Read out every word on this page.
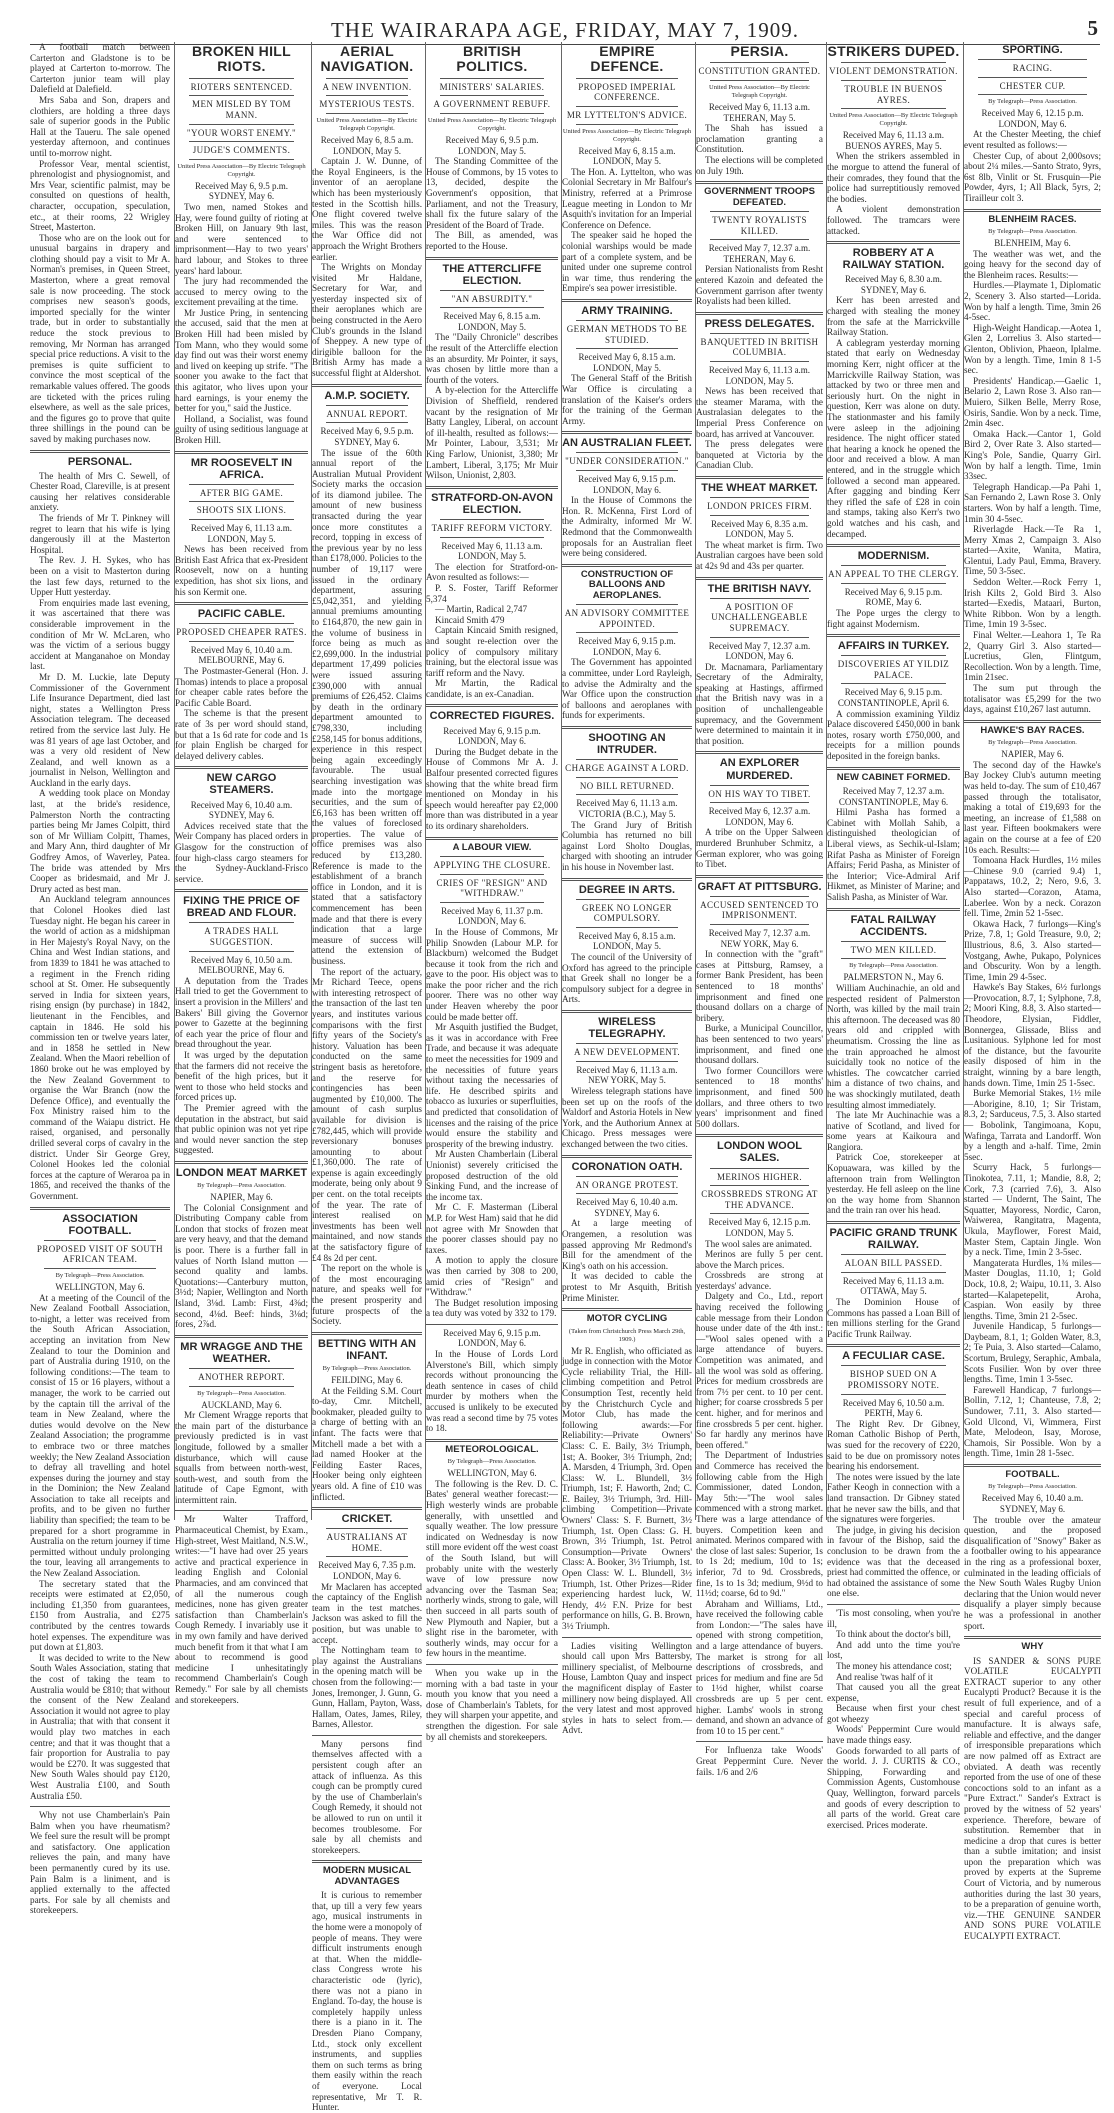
THE WAIRARAPA AGE, FRIDAY, MAY 7, 1909.	5

A football match between Carterton and Gladstone is to be played at Carterton to-morrow. The Carterton junior team will play Dalefield at Dalefield.

Mrs Saba and Son, drapers and clothiers, are holding a three days sale of superior goods in the Public Hall at the Taueru. The sale opened yesterday afternoon, and continues until to-morrow night.

Professor Vear, mental scientist, phrenologist and physiognomist, and Mrs Vear, scientific palmist, may be consulted on questions of health, character, occupation, speculation, etc., at their rooms, 22 Wrigley Street, Masterton.

Those who are on the look out for unusual bargains in drapery and clothing should pay a visit to Mr A. Norman's premises, in Queen Street, Masterton, where a great removal sale is now proceeding. The stock comprises new season's goods, imported specially for the winter trade, but in order to substantially reduce the stock previous to removing, Mr Norman has arranged special price reductions. A visit to the premises is quite sufficient to convince the most sceptical of the remarkable values offered. The goods are ticketed with the prices ruling elsewhere, as well as the sale prices, and the figures go to prove that quite three shillings in the pound can be saved by making purchases now.

PERSONAL.

The health of Mrs C. Sewell, of Chester Road, Clareville, is at present causing her relatives considerable anxiety.

The friends of Mr T. Pinkney will regret to learn that his wife is lying dangerously ill at the Masterton Hospital.

The Rev. J. H. Sykes, who has been on a visit to Masterton during the last few days, returned to the Upper Hutt yesterday.

From enquiries made last evening, it was ascertained that there was considerable improvement in the condition of Mr W. McLaren, who was the victim of a serious buggy accident at Manganahoe on Monday last.

Mr D. M. Luckie, late Deputy Commissioner of the Government Life Insurance Department, died last night, states a Wellington Press Association telegram. The deceased retired from the service last July. He was 81 years of age last October, and was a very old resident of New Zealand, and well known as a journalist in Nelson, Wellington and Auckland in the early days.

A wedding took place on Monday last, at the bride's residence, Palmerston North the contracting parties being Mr James Colpitt, third son of Mr William Colpitt, Thames, and Mary Ann, third daughter of Mr Godfrey Amos, of Waverley, Patea. The bride was attended by Mrs Cooper as bridesmaid, and Mr J. Drury acted as best man.

An Auckland telegram announces that Colonel Hookes died last Tuesday night. He began his career in the world of action as a midshipman in Her Majesty's Royal Navy, on the China and West Indian stations, and from 1839 to 1841 he was attached to a regiment in the French riding school at St. Omer. He subsequently served in India for sixteen years, rising ensign (by purchase) in 1842, lieutenant in the Fencibles, and captain in 1846. He sold his commission ten or twelve years later, and in 1858 he settled in New Zealand. When the Maori rebellion of 1860 broke out he was employed by the New Zealand Government to organise the War Branch (now the Defence Office), and eventually the Fox Ministry raised him to the command of the Waiapu district. He raised, organised, and personally drilled several corps of cavalry in the district. Under Sir George Grey, Colonel Hookes led the colonial forces at the capture of Weraroa pa in 1865, and received the thanks of the Government.

ASSOCIATION FOOTBALL.
PROPOSED VISIT OF SOUTH AFRICAN TEAM.
By Telegraph—Press Association.
WELLINGTON, May 6.

At a meeting of the Council of the New Zealand Football Association, to-night, a letter was received from the South African Association, accepting an invitation from New Zealand to tour the Dominion and part of Australia during 1910, on the following conditions:—The team to consist of 15 or 16 players, without a manager, the work to be carried out by the captain till the arrival of the team in New Zealand, where the duties would devolve on the New Zealand Association; the programme to embrace two or three matches weekly; the New Zealand Association to defray all travelling and hotel expenses during the journey and stay in the Dominion; the New Zealand Association to take all receipts and profits, and to be given no further liability than specified; the team to be prepared for a short programme in Australia on the return journey if time permitted without unduly prolonging the tour, leaving all arrangements to the New Zealand Association.

The secretary stated that the receipts were estimated at £2,050, including £1,350 from guarantees, £150 from Australia, and £275 contributed by the centres towards hotel expenses. The expenditure was put down at £1,803.

It was decided to write to the New South Wales Association, stating that the cost of taking the team to Australia would be £810; that without the consent of the New Zealand Association it would not agree to play in Australia; that with that consent it would play two matches in each centre; and that it was thought that a fair proportion for Australia to pay would be £270. It was suggested that New South Wales should pay £120, West Australia £100, and South Australia £50.

Why not use Chamberlain's Pain Balm when you have rheumatism? We feel sure the result will be prompt and satisfactory. One application relieves the pain, and many have been permanently cured by its use. Pain Balm is a liniment, and is applied externally to the affected parts. For sale by all chemists and storekeepers.

BROKEN HILL RIOTS.
RIOTERS SENTENCED.
MEN MISLED BY TOM MANN.
"YOUR WORST ENEMY."
JUDGE'S COMMENTS.
United Press Association—By Electric Telegraph Copyright.
Received May 6, 9.5 p.m.
SYDNEY, May 6.

Two men, named Stokes and Hay, were found guilty of rioting at Broken Hill, on January 9th last, and were sentenced to imprisonment—Hay to two years' hard labour, and Stokes to three years' hard labour.

The jury had recommended the accused to mercy owing to the excitement prevailing at the time.

Mr Justice Pring, in sentencing the accused, said that the men at Broken Hill had been misled by Tom Mann, who they would some day find out was their worst enemy and lived on keeping up strife. "The sooner you awake to the fact that this agitator, who lives upon your hard earnings, is your enemy the better for you," said the Justice.

Holland, a Socialist, was found guilty of using seditious language at Broken Hill.

MR ROOSEVELT IN AFRICA.
AFTER BIG GAME.
SHOOTS SIX LIONS.
Received May 6, 11.13 a.m.
LONDON, May 5.

News has been received from British East Africa that ex-President Roosevelt, now on a hunting expedition, has shot six lions, and his son Kermit one.

PACIFIC CABLE.
PROPOSED CHEAPER RATES.
Received May 6, 10.40 a.m.
MELBOURNE, May 6.

The Postmaster-General (Hon. J. Thomas) intends to place a proposal for cheaper cable rates before the Pacific Cable Board.

The scheme is that the present rate of 3s per word should stand, but that a 1s 6d rate for code and 1s for plain English be charged for delayed delivery cables.

NEW CARGO STEAMERS.
Received May 6, 10.40 a.m.
SYDNEY, May 6.

Advices received state that the Weir Company has placed orders in Glasgow for the construction of four high-class cargo steamers for the Sydney-Auckland-Frisco service.

FIXING THE PRICE OF BREAD AND FLOUR.
A TRADES HALL SUGGESTION.
Received May 6, 10.50 a.m.
MELBOURNE, May 6.

A deputation from the Trades Hall tried to get the Government to insert a provision in the Millers' and Bakers' Bill giving the Governor power to Gazette at the beginning of each year the price of flour and bread throughout the year.

It was urged by the deputation that the farmers did not receive the benefit of the high prices, but it went to those who held stocks and forced prices up.

The Premier agreed with the deputation in the abstract, but said that public opinion was not yet ripe and would never sanction the step suggested.

LONDON MEAT MARKET
By Telegraph—Press Association.
NAPIER, May 6.

The Colonial Consignment and Distributing Company cable from London that stocks of frozen meat are very heavy, and that the demand is poor. There is a further fall in values of North Island mutton — second quality and lambs. Quotations:—Canterbury mutton, 3½d; Napier, Wellington and North Island, 3⅛d. Lamb: First, 4⅜d; second, 4⅛d. Beef: hinds, 3⅛d; fores, 2⅞d.

MR WRAGGE AND THE WEATHER.
ANOTHER REPORT.
By Telegraph—Press Association.
AUCKLAND, May 6.

Mr Clement Wragge reports that the main part of the disturbance previously predicted is in vast longitude, followed by a smaller disturbance, which will cause squalls from between north-west, south-west, and south from the latitude of Cape Egmont, with intermittent rain.

Mr Walter Trafford, Pharmaceutical Chemist, by Exam., High-street, West Maitland, N.S.W., writes:—"I have had over 25 years active and practical experience in leading English and Colonial Pharmacies, and am convinced that of all the numerous cough medicines, none has given greater satisfaction than Chamberlain's Cough Remedy. I invariably use it in my own family and have derived much benefit from it that what I am about to recommend is good medicine I unhesitatingly recommend Chamberlain's Cough Remedy." For sale by all chemists and storekeepers.

AERIAL NAVIGATION.
A NEW INVENTION.
MYSTERIOUS TESTS.
United Press Association—By Electric Telegraph Copyright.
Received May 6, 8.5 a.m.
LONDON, May 5.

Captain J. W. Dunne, of the Royal Engineers, is the inventor of an aeroplane which has been mysteriously tested in the Scottish hills. One flight covered twelve miles. This was the reason the War Office did not approach the Wright Brothers earlier.

The Wrights on Monday visited Mr Haldane, Secretary for War, and yesterday inspected six of their aeroplanes which are being constructed in the Aero Club's grounds in the Island of Sheppey. A new type of dirigible balloon for the British Army has made a successful flight at Aldershot.

A.M.P. SOCIETY.
ANNUAL REPORT.
Received May 6, 9.5 p.m.
SYDNEY, May 6.

The issue of the 60th annual report of the Australian Mutual Provident Society marks the occasion of its diamond jubilee. The amount of new business transacted during the year once more constitutes a record, topping in excess of the previous year by no less than £178,000. Policies to the number of 19,117 were issued in the ordinary department, assuring £5,042,351, and yielding annual premiums amounting to £164,870, the new gain in the volume of business in force being as much as £2,699,000. In the industrial department 17,499 policies were issued assuring £390,000 with annual premiums of £26,452. Claims by death in the ordinary department amounted to £798,330, including £258,145 for bonus additions, experience in this respect being again exceedingly favourable. The usual searching investigation was made into the mortgage securities, and the sum of £6,163 has been written off the values of foreclosed properties. The value of office premises was also reduced by £13,280. Reference is made to the establishment of a branch office in London, and it is stated that a satisfactory commencement has been made and that there is every indication that a large measure of success will attend the extension of business.

The report of the actuary, Mr Richard Teece, opens with interesting retrospect of the transaction of the last ten years, and institutes various comparisons with the first fifty years of the Society's history. Valuation has been conducted on the same stringent basis as heretofore, and the reserve for contingencies has been augmented by £10,000. The amount of cash surplus available for division is £782,445, which will provide reversionary bonuses amounting to about £1,360,000. The rate of expense is again exceedingly moderate, being only about 9 per cent. on the total receipts of the year. The rate of interest realised on investments has been well maintained, and now stands at the satisfactory figure of £4 8s 2d per cent.

The report on the whole is of the most encouraging nature, and speaks well for the present prosperity and future prospects of the Society.

BETTING WITH AN INFANT.
By Telegraph—Press Association.
FEILDING, May 6.

At the Feilding S.M. Court to-day, Cmr. Mitchell, bookmaker, pleaded guilty to a charge of betting with an infant. The facts were that Mitchell made a bet with a lad named Hooker at the Feilding Easter Races, Hooker being only eighteen years old. A fine of £10 was inflicted.

CRICKET.
AUSTRALIANS AT HOME.
Received May 6, 7.35 p.m.
LONDON, May 6.

Mr Maclaren has accepted the captaincy of the English team in the test matches. Jackson was asked to fill the position, but was unable to accept.

The Nottingham team to play against the Australians in the opening match will be chosen from the following:—Jones, Iremonger, J. Gunn, G. Gunn, Hallam, Payton, Wass, Hallam, Oates, James, Riley, Barnes, Allestor.

Many persons find themselves affected with a persistent cough after an attack of influenza. As this cough can be promptly cured by the use of Chamberlain's Cough Remedy, it should not be allowed to run on until it becomes troublesome. For sale by all chemists and storekeepers.

MODERN MUSICAL ADVANTAGES

It is curious to remember that, up till a very few years ago, musical instruments in the home were a monopoly of people of means. They were difficult instruments enough at that. When the middle-class Congress wrote his characteristic ode (lyric), there was not a piano in England. To-day, the house is completely happily unless there is a piano in it. The Dresden Piano Company, Ltd., stock only excellent instruments, and supplies them on such terms as bring them easily within the reach of everyone. Local representative, Mr T. R. Hunter.

BRITISH POLITICS.
MINISTERS' SALARIES.
A GOVERNMENT REBUFF.
United Press Association—By Electric Telegraph Copyright.
Received May 6, 9.5 p.m.
LONDON, May 5.

The Standing Committee of the House of Commons, by 15 votes to 13, decided, despite the Government's opposition, that Parliament, and not the Treasury, shall fix the future salary of the President of the Board of Trade.

The Bill, as amended, was reported to the House.

THE ATTERCLIFFE ELECTION.
"AN ABSURDITY."
Received May 6, 8.15 a.m.
LONDON, May 5.

The "Daily Chronicle" describes the result of the Attercliffe election as an absurdity. Mr Pointer, it says, was chosen by little more than a fourth of the voters.

A by-election for the Attercliffe Division of Sheffield, rendered vacant by the resignation of Mr Batty Langley, Liberal, on account of ill-health, resulted as follows:—Mr Pointer, Labour, 3,531; Mr King Farlow, Unionist, 3,380; Mr Lambert, Liberal, 3,175; Mr Muir Wilson, Unionist, 2,803.

STRATFORD-ON-AVON ELECTION.
TARIFF REFORM VICTORY.
Received May 6, 11.13 a.m.
LONDON, May 5.

The election for Stratford-on-Avon resulted as follows:—

P. S. Foster, Tariff Reformer 5,374

— Martin, Radical 2,747

Kincaid Smith 479

Captain Kincaid Smith resigned, and sought re-election over the policy of compulsory military training, but the electoral issue was tariff reform and the Navy.

Mr Martin, the Radical candidate, is an ex-Canadian.

CORRECTED FIGURES.
Received May 6, 9.15 p.m.
LONDON, May 6.

During the Budget debate in the House of Commons Mr A. J. Balfour presented corrected figures showing that the white bread firm mentioned on Monday in his speech would hereafter pay £2,000 more than was distributed in a year to its ordinary shareholders.

A LABOUR VIEW.
APPLYING THE CLOSURE.
CRIES OF "RESIGN" AND "WITHDRAW."
Received May 6, 11.37 p.m.
LONDON, May 6.

In the House of Commons, Mr Philip Snowden (Labour M.P. for Blackburn) welcomed the Budget because it took from the rich and gave to the poor. His object was to make the poor richer and the rich poorer. There was no other way under Heaven whereby the poor could be made better off.

Mr Asquith justified the Budget, as it was in accordance with Free Trade, and because it was adequate to meet the necessities for 1909 and the necessities of future years without taxing the necessaries of life. He described spirits and tobacco as luxuries or superfluities, and predicted that consolidation of licenses and the raising of the price would ensure the stability and prosperity of the brewing industry.

Mr Austen Chamberlain (Liberal Unionist) severely criticised the proposed destruction of the old Sinking Fund, and the increase of the income tax.

Mr C. F. Masterman (Liberal M.P. for West Ham) said that he did not agree with Mr Snowden that the poorer classes should pay no taxes.

A motion to apply the closure was then carried by 308 to 200, amid cries of "Resign" and "Withdraw."

The Budget resolution imposing a tea duty was voted by 332 to 179.

Received May 6, 9.15 p.m.
LONDON, May 6.

In the House of Lords Lord Alverstone's Bill, which simply records without pronouncing the death sentence in cases of child murder by mothers when the accused is unlikely to be executed was read a second time by 75 votes to 18.

METEOROLOGICAL.
By Telegraph—Press Association.
WELLINGTON, May 6.

The following is the Rev. D. C. Bates' general weather forecast:—High westerly winds are probable generally, with unsettled and squally weather. The low pressure indicated on Wednesday is now still more evident off the west coast of the South Island, but will probably unite with the westerly wave of low pressure now advancing over the Tasman Sea; northerly winds, strong to gale, will then succeed in all parts south of New Plymouth and Napier, but a slight rise in the barometer, with southerly winds, may occur for a few hours in the meantime.

When you wake up in the morning with a bad taste in your mouth you know that you need a dose of Chamberlain's Tablets, for they will sharpen your appetite, and strengthen the digestion. For sale by all chemists and storekeepers.

EMPIRE DEFENCE.
PROPOSED IMPERIAL CONFERENCE.
MR LYTTELTON'S ADVICE.
United Press Association—By Electric Telegraph Copyright.
Received May 6, 8.15 a.m.
LONDON, May 5.

The Hon. A. Lyttelton, who was Colonial Secretary in Mr Balfour's Ministry, referred at a Primrose League meeting in London to Mr Asquith's invitation for an Imperial Conference on Defence.

The speaker said he hoped the colonial warships would be made part of a complete system, and be united under one supreme control in war time, thus rendering the Empire's sea power irresistible.

ARMY TRAINING.
GERMAN METHODS TO BE STUDIED.
Received May 6, 8.15 a.m.
LONDON, May 5.

The General Staff of the British War Office is circulating a translation of the Kaiser's orders for the training of the German Army.

AN AUSTRALIAN FLEET.
"UNDER CONSIDERATION."
Received May 6, 9.15 p.m.
LONDON, May 6.

In the House of Commons the Hon. R. McKenna, First Lord of the Admiralty, informed Mr W. Redmond that the Commonwealth proposals for an Australian fleet were being considered.

CONSTRUCTION OF BALLOONS AND AEROPLANES.
AN ADVISORY COMMITTEE APPOINTED.
Received May 6, 9.15 p.m.
LONDON, May 6.

The Government has appointed a committee, under Lord Rayleigh, to advise the Admiralty and the War Office upon the construction of balloons and aeroplanes with funds for experiments.

SHOOTING AN INTRUDER.
CHARGE AGAINST A LORD.
NO BILL RETURNED.
Received May 6, 11.13 a.m.
VICTORIA (B.C.), May 5.

The Grand Jury of British Columbia has returned no bill against Lord Sholto Douglas, charged with shooting an intruder in his house in November last.

DEGREE IN ARTS.
GREEK NO LONGER COMPULSORY.
Received May 6, 8.15 a.m.
LONDON, May 5.

The council of the University of Oxford has agreed to the principle that Greek shall no longer be a compulsory subject for a degree in Arts.

WIRELESS TELEGRAPHY.
A NEW DEVELOPMENT.
Received May 6, 11.13 a.m.
NEW YORK, May 5.

Wireless telegraph stations have been set up on the roofs of the Waldorf and Astoria Hotels in New York, and the Authorium Annex at Chicago. Press messages were exchanged between the two cities.

CORONATION OATH.
AN ORANGE PROTEST.
Received May 6, 10.40 a.m.
SYDNEY, May 6.

At a large meeting of Orangemen, a resolution was passed approving Mr Redmond's Bill for the amendment of the King's oath on his accession.

It was decided to cable the protest to Mr Asquith, British Prime Minister.

MOTOR CYCLING
(Taken from Christchurch Press March 29th, 1909.)

Mr R. English, who officiated as judge in connection with the Motor Cycle reliability Trial, the Hill-climbing competition and Petrol Consumption Test, recently held by the Christchurch Cycle and Motor Club, has made the following awards:—For Reliability:—Private Owners' Class: C. E. Baily, 3½ Triumph, 1st; A. Booker, 3½ Triumph, 2nd; A. Marsden, 4 Triumph, 3rd. Open Class: W. L. Blundell, 3½ Triumph, 1st; F. Haworth, 2nd; C. E. Bailey, 3½ Triumph, 3rd. Hill-climbing Competition—Private Owners' Class: S. F. Burnett, 3½ Triumph, 1st. Open Class: G. H. Brown, 3½ Triumph, 1st. Petrol Consumption—Private Owners' Class: A. Booker, 3½ Triumph, 1st. Open Class: W. L. Blundell, 3½ Triumph, 1st. Other Prizes—Rider experiencing hardest luck, W. Hendy, 4½ F.N. Prize for best performance on hills, G. B. Brown, 3½ Triumph.

Ladies visiting Wellington should call upon Mrs Battersby, millinery specialist, of Melbourne House, Lambton Quay and inspect the magnificent display of Easter millinery now being displayed. All the very latest and most approved styles in hats to select from.—Advt.

PERSIA.
CONSTITUTION GRANTED.
United Press Association—By Electric Telegraph Copyright.
Received May 6, 11.13 a.m.
TEHERAN, May 5.

The Shah has issued a proclamation granting a Constitution.

The elections will be completed on July 19th.

GOVERNMENT TROOPS DEFEATED.
TWENTY ROYALISTS KILLED.
Received May 7, 12.37 a.m.
TEHERAN, May 6.

Persian Nationalists from Resht entered Kazoin and defeated the Government garrison after twenty Royalists had been killed.

PRESS DELEGATES.
BANQUETTED IN BRITISH COLUMBIA.
Received May 6, 11.13 a.m.
LONDON, May 5.

News has been received that the steamer Marama, with the Australasian delegates to the Imperial Press Conference on board, has arrived at Vancouver.

The press delegates were banqueted at Victoria by the Canadian Club.

THE WHEAT MARKET.
LONDON PRICES FIRM.
Received May 6, 8.35 a.m.
LONDON, May 5.

The wheat market is firm. Two Australian cargoes have been sold at 42s 9d and 43s per quarter.

THE BRITISH NAVY.
A POSITION OF UNCHALLENGEABLE SUPREMACY.
Received May 7, 12.37 a.m.
LONDON, May 6.

Dr. Macnamara, Parliamentary Secretary of the Admiralty, speaking at Hastings, affirmed that the British navy was in a position of unchallengeable supremacy, and the Government were determined to maintain it in that position.

AN EXPLORER MURDERED.
ON HIS WAY TO TIBET.
Received May 6, 12.37 a.m.
LONDON, May 6.

A tribe on the Upper Salween murdered Brunhuber Schmitz, a German explorer, who was going to Tibet.

GRAFT AT PITTSBURG.
ACCUSED SENTENCED TO IMPRISONMENT.
Received May 7, 12.37 a.m.
NEW YORK, May 6.

In connection with the "graft" cases at Pittsburg, Ramsey, a former Bank President, has been sentenced to 18 months' imprisonment and fined one thousand dollars on a charge of bribery.

Burke, a Municipal Councillor, has been sentenced to two years' imprisonment, and fined one thousand dollars.

Two former Councillors were sentenced to 18 months' imprisonment, and fined 500 dollars, and three others to two years' imprisonment and fined 500 dollars.

LONDON WOOL SALES.
MERINOS HIGHER.
CROSSBREDS STRONG AT THE ADVANCE.
Received May 6, 12.15 p.m.
LONDON, May 5.

The wool sales are animated.

Merinos are fully 5 per cent. above the March prices.

Crossbreds are strong at yesterdays' advance.

Dalgety and Co., Ltd., report having received the following cable message from their London house under date of the 4th inst.:—"Wool sales opened with a large attendance of buyers. Competition was animated, and all the wool was sold as offering. Prices for medium crossbreds are from 7½ per cent. to 10 per cent. higher; for coarse crossbreds 5 per cent. higher, and for merinos and fine crossbreds 5 per cent. higher. So far hardly any merinos have been offered."

The Department of Industries and Commerce has received the following cable from the High Commissioner, dated London, May 5th:—"The wool sales commenced with a strong market. There was a large attendance of buyers. Competition keen and animated. Merinos compared with the close of last sales: Superior, 1s to 1s 2d; medium, 10d to 1s; inferior, 7d to 9d. Crossbreds, fine, 1s to 1s 3d; medium, 9½d to 11½d; coarse, 6d to 9d."

Abraham and Williams, Ltd., have received the following cable from London:—"The sales have opened with strong competition, and a large attendance of buyers. The market is strong for all descriptions of crossbreds, and prices for medium and fine are 5d to 1½d higher, whilst coarse crossbreds are up 5 per cent. higher. Lambs' wools in strong demand, and shown an advance of from 10 to 15 per cent."

For Influenza take Woods' Great Peppermint Cure. Never fails. 1/6 and 2/6

STRIKERS DUPED.
VIOLENT DEMONSTRATION.
TROUBLE IN BUENOS AYRES.
United Press Association—By Electric Telegraph Copyright.
Received May 6, 11.13 a.m.
BUENOS AYRES, May 5.

When the strikers assembled in the morgue to attend the funeral of their comrades, they found that the police had surreptitiously removed the bodies.

A violent demonstration followed. The tramcars were attacked.

ROBBERY AT A RAILWAY STATION.
Received May 6, 8.30 a.m.
SYDNEY, May 6.

Kerr has been arrested and charged with stealing the money from the safe at the Marrickville Railway Station.

A cablegram yesterday morning stated that early on Wednesday morning Kerr, night officer at the Marrickville Railway Station, was attacked by two or three men and seriously hurt. On the night in question, Kerr was alone on duty. The stationmaster and his family were asleep in the adjoining residence. The night officer stated that hearing a knock he opened the door and received a blow. A man entered, and in the struggle which followed a second man appeared. After gagging and binding Kerr they rifled the safe of £28 in coin and stamps, taking also Kerr's two gold watches and his cash, and decamped.

MODERNISM.
AN APPEAL TO THE CLERGY.
Received May 6, 9.15 p.m.
ROME, May 6.

The Pope urges the clergy to fight against Modernism.

AFFAIRS IN TURKEY.
DISCOVERIES AT YILDIZ PALACE.
Received May 6, 9.15 p.m.
CONSTANTINOPLE, April 6.

A commission examining Yildiz Palace discovered £450,000 in bank notes, rosary worth £750,000, and receipts for a million pounds deposited in the foreign banks.

NEW CABINET FORMED.
Received May 7, 12.37 a.m.
CONSTANTINOPLE, May 6.

Hilmi Pasha has formed a Cabinet with Mollah Sahib, a distinguished theologician of Liberal views, as Sechik-ul-Islam; Rifat Pasha as Minister of Foreign Affairs; Ferid Pasha, as Minister of the Interior; Vice-Admiral Arif Hikmet, as Minister of Marine; and Salish Pasha, as Minister of War.

FATAL RAILWAY ACCIDENTS.
TWO MEN KILLED.
By Telegraph—Press Association.
PALMERSTON N., May 6.

William Auchinachie, an old and respected resident of Palmerston North, was killed by the mail train this afternoon. The deceased was 80 years old and crippled with rheumatism. Crossing the line as the train approached he almost suicidally took no notice of the whistles. The cowcatcher carried him a distance of two chains, and he was shockingly mutilated, death resulting almost immediately.

The late Mr Auchinachie was a native of Scotland, and lived for some years at Kaikoura and Rangiora.

Patrick Coe, storekeeper at Kopuawara, was killed by the afternoon train from Wellington yesterday. He fell asleep on the line on the way home from Shannon and the train ran over his head.

PACIFIC GRAND TRUNK RAILWAY.
ALOAN BILL PASSED.
Received May 6, 11.13 a.m.
OTTAWA, May 5.

The Dominion House of Commons has passed a Loan Bill of ten millions sterling for the Grand Pacific Trunk Railway.

A FECULIAR CASE.
BISHOP SUED ON A PROMISSORY NOTE.
Received May 6, 10.50 a.m.
PERTH, May 6.

The Right Rev. Dr Gibney, Roman Catholic Bishop of Perth, was sued for the recovery of £220, said to be due on promissory notes bearing his endorsement.

The notes were issued by the late Father Keogh in connection with a land transaction. Dr Gibney stated that he never saw the bills, and that the signatures were forgeries.

The judge, in giving his decision in favour of the Bishop, said the conclusion to be drawn from the evidence was that the deceased priest had committed the offence, or had obtained the assistance of some one else.

'Tis most consoling, when you're ill,

To think about the doctor's bill,

And add unto the time you're lost,

The money his attendance cost;

And realise 'twas half of it

That caused you all the great expense,

Because when first your chest got wheezy

Woods' Peppermint Cure would have made things easy.

Goods forwarded to all parts of the world. J. J. CURTIS & CO., Shipping, Forwarding and Commission Agents, Customhouse Quay, Wellington, forward parcels and goods of every description to all parts of the world. Great care exercised. Prices moderate.

SPORTING.
RACING.
CHESTER CUP.
By Telegraph—Press Association.
Received May 6, 12.15 p.m.
LONDON, May 6.

At the Chester Meeting, the chief event resulted as follows:—

Chester Cup, of about 2,000sovs; about 2¼ miles.—Santo Strato, 9yrs, 6st 8lb, Vinlit or St. Frusquin—Pie Powder, 4yrs, 1; All Black, 5yrs, 2; Tirailleur colt 3.

BLENHEIM RACES.
By Telegraph—Press Association.
BLENHEIM, May 6.

The weather was wet, and the going heavy for the second day of the Blenheim races. Results:—

Hurdles.—Playmate 1, Diplomatic 2, Scenery 3. Also started—Lorida. Won by half a length. Time, 3min 26 4-5sec.

High-Weight Handicap.—Aotea 1, Glen 2, Lorrelius 3. Also started—Glenton, Oblivion, Phaeon, Iplalme. Won by a length. Time, 1min 8 1-5 sec.

Presidents' Handicap.—Gaelic 1, Belario 2, Lawn Rose 3. Also ran—Muiero, Silken Belle, Merry Rose, Osiris, Sandie. Won by a neck. Time, 2min 4sec.

Omaka Hack.—Cantor 1, Gold Bird 2, Over Rate 3. Also started—King's Pole, Sandie, Quarry Girl. Won by half a length. Time, 1min 33sec.

Telegraph Handicap.—Pa Pahi 1, San Fernando 2, Lawn Rose 3. Only starters. Won by half a length. Time, 1min 30 4-5sec.

Riverlagde Hack.—Te Ra 1, Merry Xmas 2, Campaign 3. Also started—Axite, Wanita, Matira, Glentui, Lady Paul, Emma, Bravery. Time, 50 3-5sec.

Seddon Welter.—Rock Ferry 1, Irish Kilts 2, Gold Bird 3. Also started—Exedis, Mataari, Burton, White Ribbon. Won by a length. Time, 1min 19 3-5sec.

Final Welter.—Leahora 1, Te Ra 2, Quarry Girl 3. Also started—Lucretius, Glen, Flintgum, Recollection. Won by a length. Time, 1min 21sec.

The sum put through the totalisator was £5,299 for the two days, against £10,267 last autumn.

HAWKE'S BAY RACES.
By Telegraph—Press Association.
NAPIER, May 6.

The second day of the Hawke's Bay Jockey Club's autumn meeting was held to-day. The sum of £10,467 passed through the totalisator, making a total of £19,693 for the meeting, an increase of £1,588 on last year. Fifteen bookmakers were again on the course at a fee of £20 10s each. Results:—

Tomoana Hack Hurdles, 1½ miles—Chinese 9.0 (carried 9.4) 1, Pappataws, 10.2, 2; Nero, 9.6, 3. Also started—Corazon, Atama, Laberlee. Won by a neck. Corazon fell. Time, 2min 52 1-5sec.

Okawa Hack, 7 furlongs—King's Prize, 7.8, 1; Gold Treasure, 9.0, 2; Illustrious, 8.6, 3. Also started—Vostgang, Awhe, Pukapo, Polynices and Obscurity. Won by a length. Time, 1min 29 4-5sec.

Hawke's Bay Stakes, 6½ furlongs—Provocation, 8.7, 1; Sylphone, 7.8, 2; Moori King, 8.8, 3. Also started—Theodore, Elysian, Fiddler, Bonnergea, Glissade, Bliss and Lusitanious. Sylphone led for most of the distance, but the favourite easily disposed of him in the straight, winning by a bare length, hands down. Time, 1min 25 1-5sec.

Burke Memorial Stakes, 1½ mile—Aborigine, 8.10, 1; Sir Tristam, 8.3, 2; Sarduceus, 7.5, 3. Also started — Bobolink, Tangimoana, Kopu, Wafinga, Tarrata and Landorff. Won by a length and a-half. Time, 2min 5sec.

Scurry Hack, 5 furlongs—Tinokotea, 7.11, 1; Mandie, 8.8, 2; Cork, 7.3 (carried 7.6), 3. Also started — Undernt, The Saint, The Squatter, Mayoress, Nordic, Caron, Waiwerea, Rangitatra, Magenta, Ukula, Mayflower, Forest Maid, Master Stem, Captain Jingle. Won by a neck. Time, 1min 2 3-5sec.

Mangaterata Hurdles, 1¾ miles—Master Douglas, 11.10, 1; Gold Dock, 10.8, 2; Waipu, 10.11, 3. Also started—Kalapetepelit, Aroha, Caspian. Won easily by three lengths. Time, 3min 21 2-5sec.

Juvenile Handicap, 5 furlongs—Daybeam, 8.1, 1; Golden Water, 8.3, 2; Te Puia, 3. Also started—Calamo, Scortum, Brulegy, Seraphic, Ambala, Scots Fusilier. Won by over three lengths. Time, 1min 1 3-5sec.

Farewell Handicap, 7 furlongs—Bollin, 7.12, 1; Chanteuse, 7.8, 2; Sundower, 7.11, 3. Also started—Gold Ulcond, Vi, Wimmera, First Mate, Melodeon, Isay, Morose, Chamois, Sir Possible. Won by a length. Time, 1min 28 1-5sec.

FOOTBALL.
By Telegraph—Press Association.
Received May 6, 10.40 a.m.
SYDNEY, May 6.

The trouble over the amateur question, and the proposed disqualification of "Snowy" Baker as a footballer owing to his appearance in the ring as a professional boxer, culminated in the leading officials of the New South Wales Rugby Union declaring that the Union would never disqualify a player simply because he was a professional in another sport.

WHY

IS SANDER & SONS PURE VOLATILE EUCALYPTI EXTRACT superior to any other Eucalypti Product? Because it is the result of full experience, and of a special and careful process of manufacture. It is always safe, reliable and effective, and the danger of irresponsible preparations which are now palmed off as Extract are obviated. A death was recently reported from the use of one of these concoctions sold to an infant as a "Pure Extract." Sander's Extract is proved by the witness of 52 years' experience. Therefore, beware of substitution. Remember that in medicine a drop that cures is better than a subtle imitation; and insist upon the preparation which was proved by experts at the Supreme Court of Victoria, and by numerous authorities during the last 30 years, to be a preparation of genuine worth, viz.—THE GENUINE SANDER AND SONS PURE VOLATILE EUCALYPTI EXTRACT.
